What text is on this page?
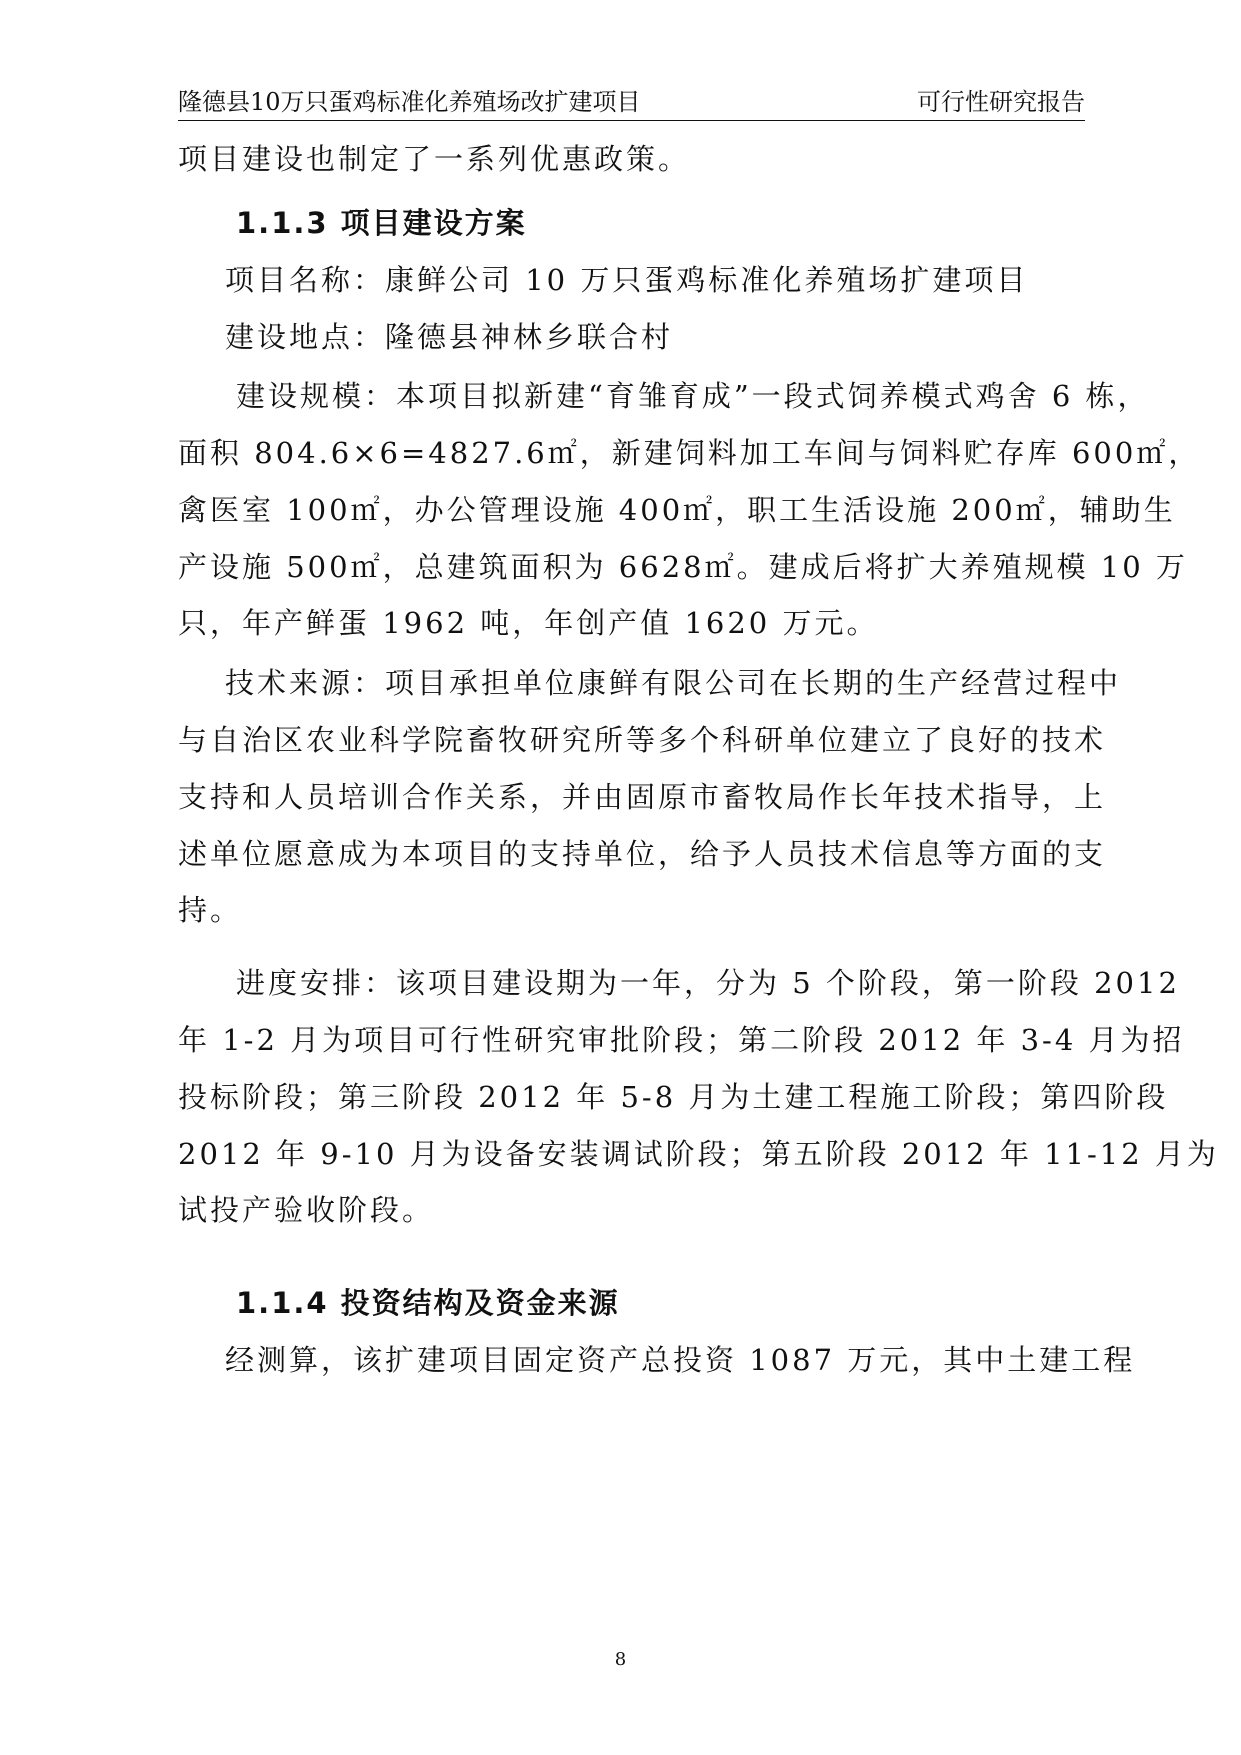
隆德县10万只蛋鸡标准化养殖场改扩建项目	可行性研究报告
项目建设也制定了一系列优惠政策。
1.1.3 项目建设方案
项目名称：康鲜公司 10 万只蛋鸡标准化养殖场扩建项目
建设地点：隆德县神林乡联合村
建设规模：本项目拟新建“育雏育成”一段式饲养模式鸡舍 6 栋，
面积 804.6×6=4827.6㎡，新建饲料加工车间与饲料贮存库 600㎡，
禽医室 100㎡，办公管理设施 400㎡，职工生活设施 200㎡，辅助生
产设施 500㎡，总建筑面积为 6628㎡。建成后将扩大养殖规模 10 万
只，年产鲜蛋 1962 吨，年创产值 1620 万元。
技术来源：项目承担单位康鲜有限公司在长期的生产经营过程中
与自治区农业科学院畜牧研究所等多个科研单位建立了良好的技术
支持和人员培训合作关系，并由固原市畜牧局作长年技术指导，上
述单位愿意成为本项目的支持单位，给予人员技术信息等方面的支
持。
进度安排：该项目建设期为一年，分为 5 个阶段，第一阶段 2012
年 1-2 月为项目可行性研究审批阶段；第二阶段 2012 年 3-4 月为招
投标阶段；第三阶段 2012 年 5-8 月为土建工程施工阶段；第四阶段
2012 年 9-10 月为设备安装调试阶段；第五阶段 2012 年 11-12 月为
试投产验收阶段。
1.1.4 投资结构及资金来源
经测算，该扩建项目固定资产总投资 1087 万元，其中土建工程
8
